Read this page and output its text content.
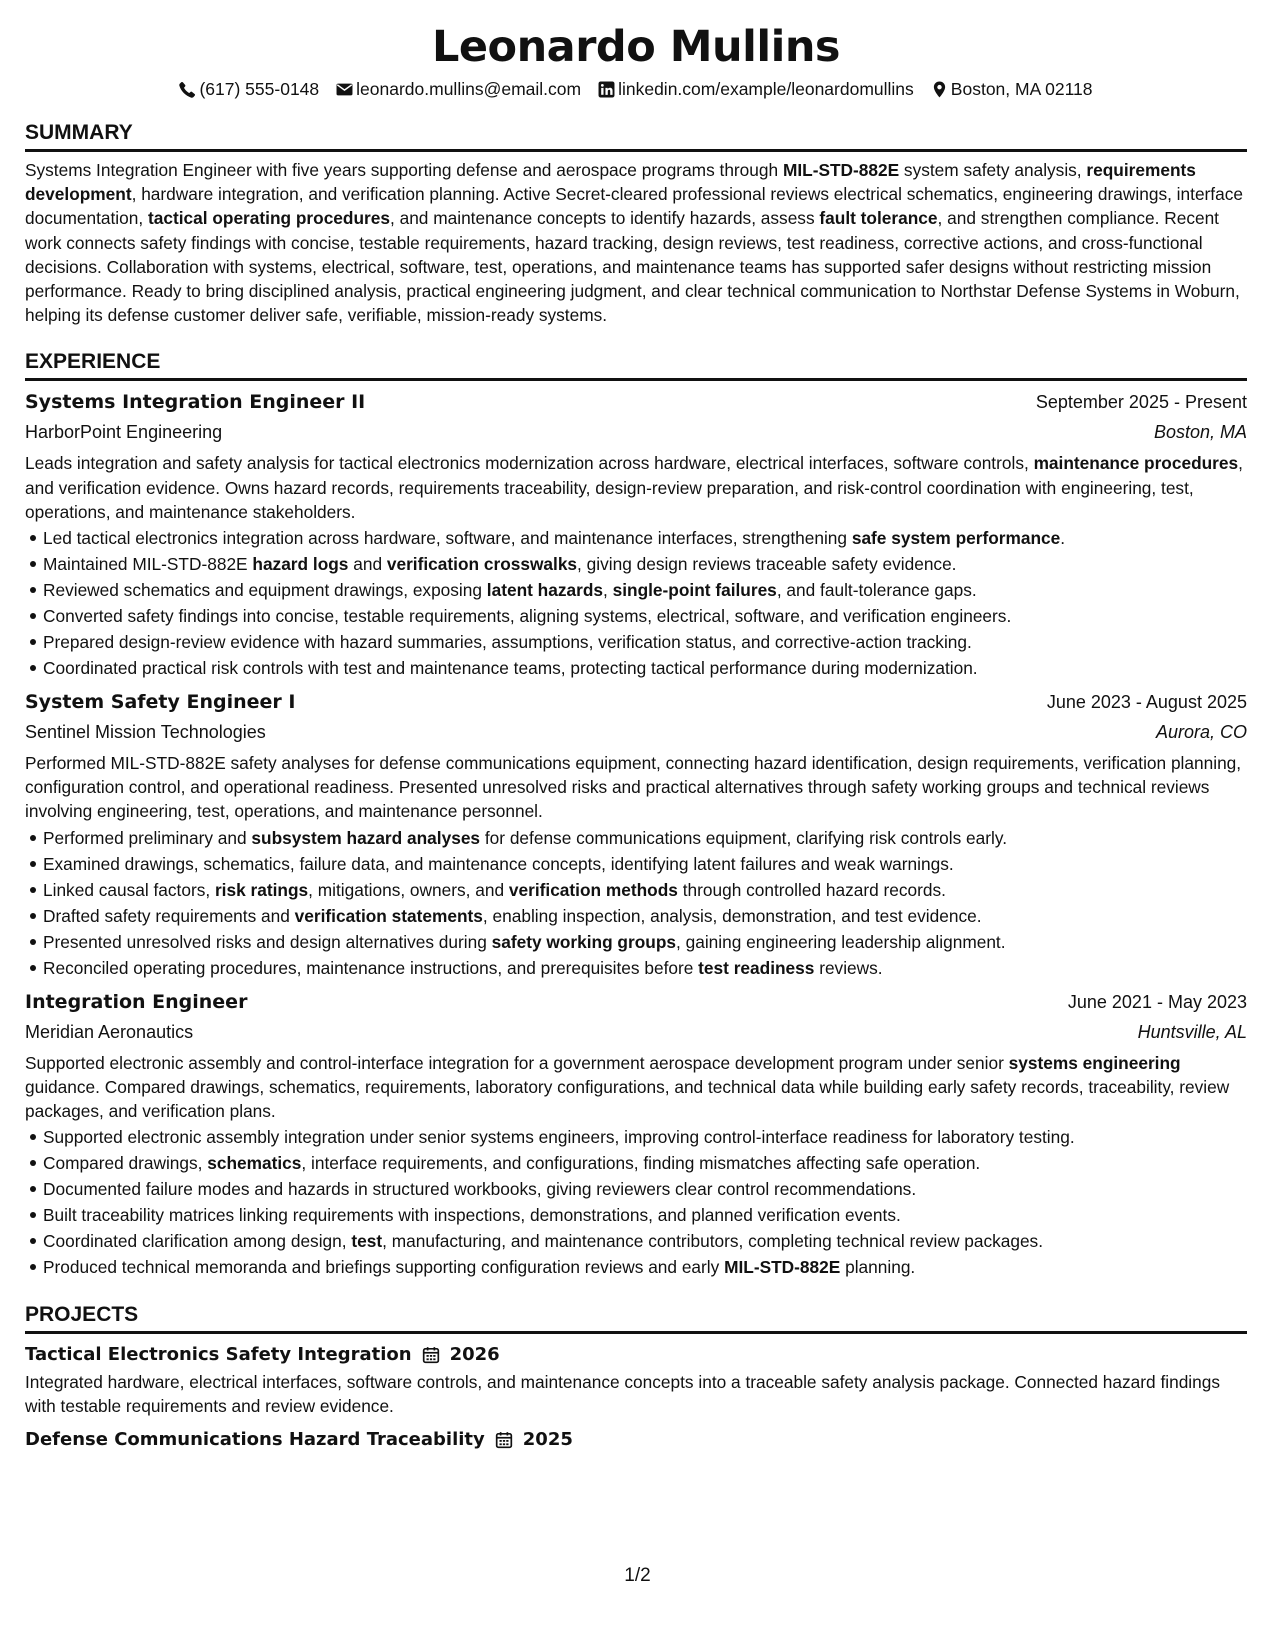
Leonardo Mullins
(617) 555-0148 leonardo.mullins@email.com linkedin.com/example/leonardomullins Boston, MA 02118
SUMMARY

Systems Integration Engineer with five years supporting defense and aerospace programs through MIL-STD-882E system safety analysis, requirements development, hardware integration, and verification planning. Active Secret-cleared professional reviews electrical schematics, engineering drawings, interface documentation, tactical operating procedures, and maintenance concepts to identify hazards, assess fault tolerance, and strengthen compliance. Recent work connects safety findings with concise, testable requirements, hazard tracking, design reviews, test readiness, corrective actions, and cross-functional decisions. Collaboration with systems, electrical, software, test, operations, and maintenance teams has supported safer designs without restricting mission performance. Ready to bring disciplined analysis, practical engineering judgment, and clear technical communication to Northstar Defense Systems in Woburn, helping its defense customer deliver safe, verifiable, mission-ready systems.

EXPERIENCE
Systems Integration Engineer II	September 2025 - Present
HarborPoint Engineering	Boston, MA

Leads integration and safety analysis for tactical electronics modernization across hardware, electrical interfaces, software controls, maintenance procedures, and verification evidence. Owns hazard records, requirements traceability, design-review preparation, and risk-control coordination with engineering, test, operations, and maintenance stakeholders.

Led tactical electronics integration across hardware, software, and maintenance interfaces, strengthening safe system performance.
Maintained MIL-STD-882E hazard logs and verification crosswalks, giving design reviews traceable safety evidence.
Reviewed schematics and equipment drawings, exposing latent hazards, single-point failures, and fault-tolerance gaps.
Converted safety findings into concise, testable requirements, aligning systems, electrical, software, and verification engineers.
Prepared design-review evidence with hazard summaries, assumptions, verification status, and corrective-action tracking.
Coordinated practical risk controls with test and maintenance teams, protecting tactical performance during modernization.
System Safety Engineer I	June 2023 - August 2025
Sentinel Mission Technologies	Aurora, CO

Performed MIL-STD-882E safety analyses for defense communications equipment, connecting hazard identification, design requirements, verification planning, configuration control, and operational readiness. Presented unresolved risks and practical alternatives through safety working groups and technical reviews involving engineering, test, operations, and maintenance personnel.

Performed preliminary and subsystem hazard analyses for defense communications equipment, clarifying risk controls early.
Examined drawings, schematics, failure data, and maintenance concepts, identifying latent failures and weak warnings.
Linked causal factors, risk ratings, mitigations, owners, and verification methods through controlled hazard records.
Drafted safety requirements and verification statements, enabling inspection, analysis, demonstration, and test evidence.
Presented unresolved risks and design alternatives during safety working groups, gaining engineering leadership alignment.
Reconciled operating procedures, maintenance instructions, and prerequisites before test readiness reviews.
Integration Engineer	June 2021 - May 2023
Meridian Aeronautics	Huntsville, AL

Supported electronic assembly and control-interface integration for a government aerospace development program under senior systems engineering guidance. Compared drawings, schematics, requirements, laboratory configurations, and technical data while building early safety records, traceability, review packages, and verification plans.

Supported electronic assembly integration under senior systems engineers, improving control-interface readiness for laboratory testing.
Compared drawings, schematics, interface requirements, and configurations, finding mismatches affecting safe operation.
Documented failure modes and hazards in structured workbooks, giving reviewers clear control recommendations.
Built traceability matrices linking requirements with inspections, demonstrations, and planned verification events.
Coordinated clarification among design, test, manufacturing, and maintenance contributors, completing technical review packages.
Produced technical memoranda and briefings supporting configuration reviews and early MIL-STD-882E planning.
PROJECTS
Tactical Electronics Safety Integration 2026

Integrated hardware, electrical interfaces, software controls, and maintenance concepts into a traceable safety analysis package. Connected hazard findings with testable requirements and review evidence.

Defense Communications Hazard Traceability 2025
1/2
